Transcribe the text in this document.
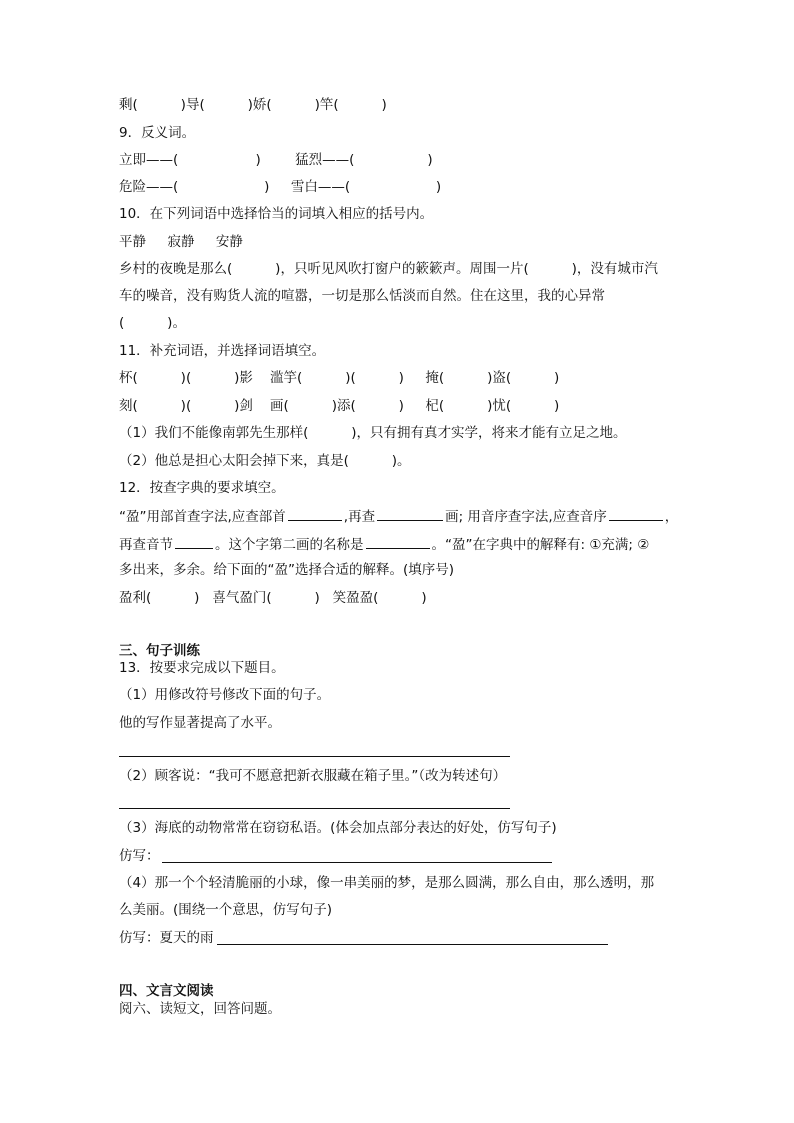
剩(          )导(          )娇(          )竿(          )
9．反义词。
立即——(                  )        猛烈——(                 )
危险——(                    )     雪白——(                    )
10．在下列词语中选择恰当的词填入相应的括号内。
平静     寂静     安静
乡村的夜晚是那么(          )，只听见风吹打窗户的簌簌声。周围一片(          )，没有城市汽
车的噪音，没有购货人流的喧嚣，一切是那么恬淡而自然。住在这里，我的心异常
(          )。
11．补充词语，并选择词语填空。
杯(          )(          )影    滥竽(          )(          )     掩(          )盗(          )
刻(          )(          )剑    画(          )添(          )     杞(          )忧(          )
（1）我们不能像南郭先生那样(          )，只有拥有真才实学，将来才能有立足之地。
（2）他总是担心太阳会掉下来，真是(          )。
12．按查字典的要求填空。
“盈”用部首查字法,应查部首	,再查	画; 用音序查字法,应查音序	，
再查音节	。这个字第二画的名称是	。“盈”在字典中的解释有: ①充满; ②
多出来，多余。给下面的“盈”选择合适的解释。(填序号)
盈利(          )   喜气盈门(          )   笑盈盈(          )
三、句子训练
13．按要求完成以下题目。
（1）用修改符号修改下面的句子。
他的写作显著提高了水平。
（2）顾客说：“我可不愿意把新衣服藏在箱子里。”（改为转述句）
（3）海底的动物常常在窃窃私语。(体会加点部分表达的好处，仿写句子)
仿写：
（4）那一个个轻清脆丽的小球，像一串美丽的梦，是那么圆满，那么自由，那么透明，那
么美丽。(围绕一个意思，仿写句子)
仿写：夏天的雨
四、文言文阅读
阅六、读短文，回答问题。
